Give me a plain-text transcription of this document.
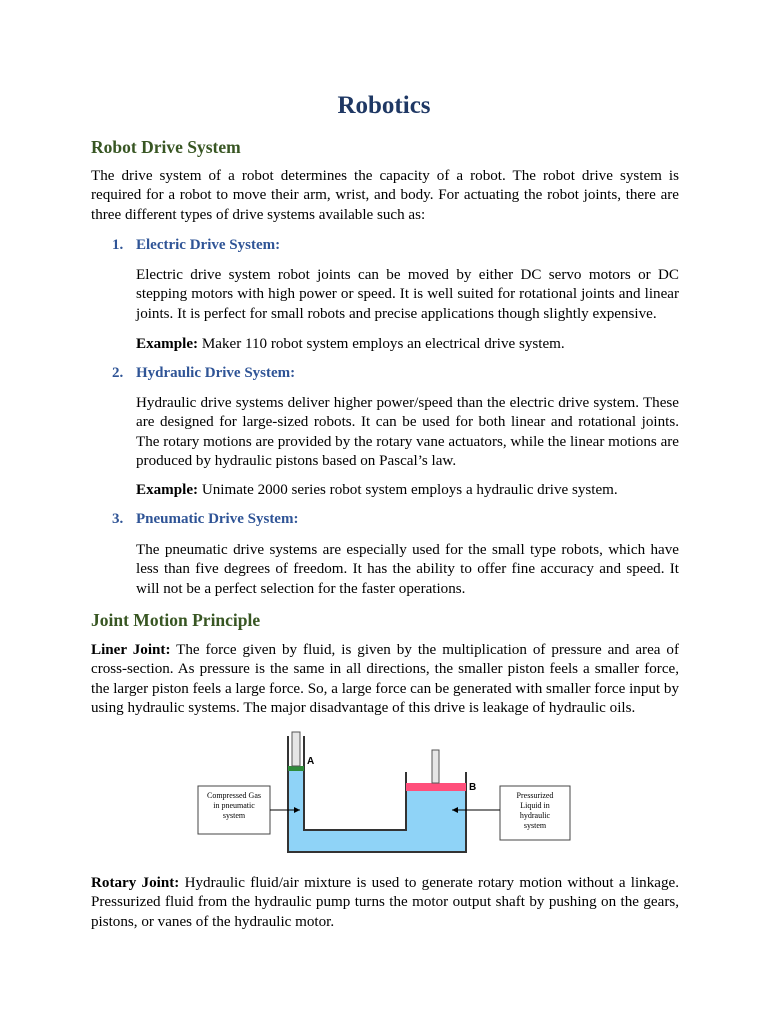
Robotics
Robot Drive System

The drive system of a robot determines the capacity of a robot. The robot drive system is required for a robot to move their arm, wrist, and body. For actuating the robot joints, there are three different types of drive systems available such as:

1. Electric Drive System:

Electric drive system robot joints can be moved by either DC servo motors or DC stepping motors with high power or speed. It is well suited for rotational joints and linear joints. It is perfect for small robots and precise applications though slightly expensive.

Example: Maker 110 robot system employs an electrical drive system.

2. Hydraulic Drive System:

Hydraulic drive systems deliver higher power/speed than the electric drive system. These are designed for large-sized robots. It can be used for both linear and rotational joints. The rotary motions are provided by the rotary vane actuators, while the linear motions are produced by hydraulic pistons based on Pascal’s law.

Example: Unimate 2000 series robot system employs a hydraulic drive system.

3. Pneumatic Drive System:

The pneumatic drive systems are especially used for the small type robots, which have less than five degrees of freedom. It has the ability to offer fine accuracy and speed. It will not be a perfect selection for the faster operations.

Joint Motion Principle

Liner Joint: The force given by fluid, is given by the multiplication of pressure and area of cross-section. As pressure is the same in all directions, the smaller piston feels a smaller force, the larger piston feels a large force. So, a large force can be generated with smaller force input by using hydraulic systems. The major disadvantage of this drive is leakage of hydraulic oils.

A
B
Compressed Gas
in pneumatic
system
Pressurized
Liquid in
hydraulic
system

Rotary Joint: Hydraulic fluid/air mixture is used to generate rotary motion without a linkage. Pressurized fluid from the hydraulic pump turns the motor output shaft by pushing on the gears, pistons, or vanes of the hydraulic motor.
